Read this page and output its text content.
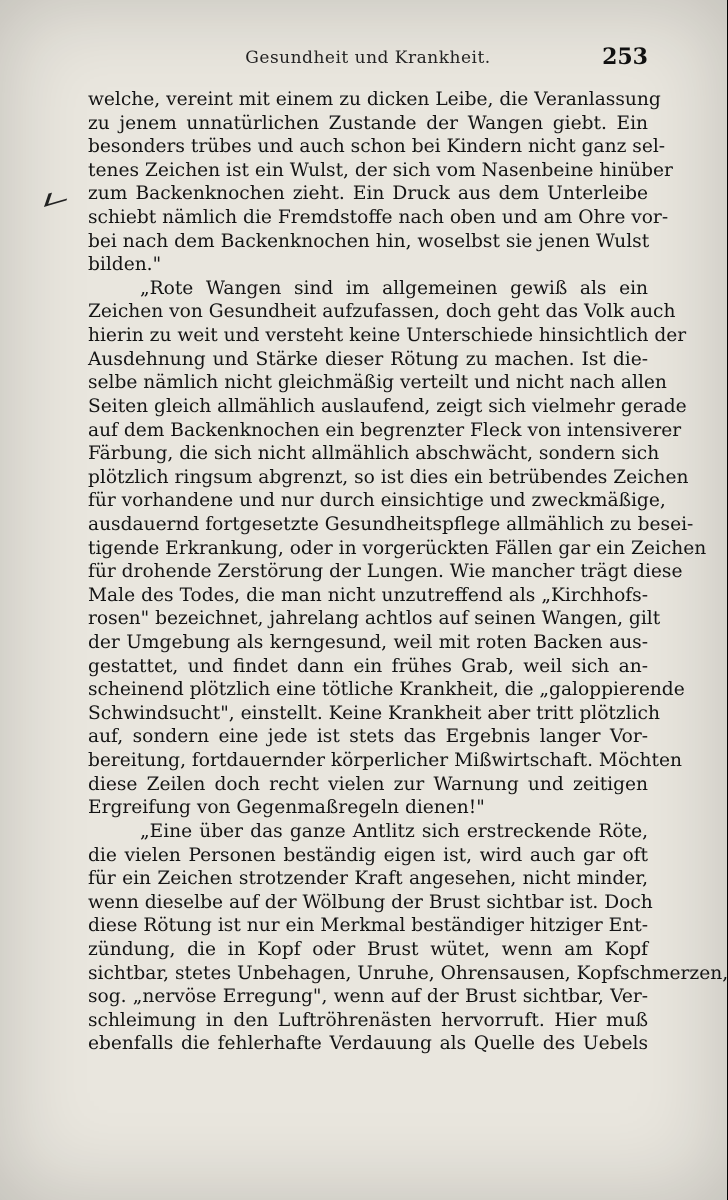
Gesundheit und Krankheit.	253
welche, vereint mit einem zu dicken Leibe, die Veranlassung
zu jenem unnatürlichen Zustande der Wangen giebt. Ein
besonders trübes und auch schon bei Kindern nicht ganz sel-
tenes Zeichen ist ein Wulst, der sich vom Nasenbeine hinüber
zum Backenknochen zieht. Ein Druck aus dem Unterleibe
schiebt nämlich die Fremdstoffe nach oben und am Ohre vor-
bei nach dem Backenknochen hin, woselbst sie jenen Wulst
bilden."
„Rote Wangen sind im allgemeinen gewiß als ein
Zeichen von Gesundheit aufzufassen, doch geht das Volk auch
hierin zu weit und versteht keine Unterschiede hinsichtlich der
Ausdehnung und Stärke dieser Rötung zu machen. Ist die-
selbe nämlich nicht gleichmäßig verteilt und nicht nach allen
Seiten gleich allmählich auslaufend, zeigt sich vielmehr gerade
auf dem Backenknochen ein begrenzter Fleck von intensiverer
Färbung, die sich nicht allmählich abschwächt, sondern sich
plötzlich ringsum abgrenzt, so ist dies ein betrübendes Zeichen
für vorhandene und nur durch einsichtige und zweckmäßige,
ausdauernd fortgesetzte Gesundheitspflege allmählich zu besei-
tigende Erkrankung, oder in vorgerückten Fällen gar ein Zeichen
für drohende Zerstörung der Lungen. Wie mancher trägt diese
Male des Todes, die man nicht unzutreffend als „Kirchhofs-
rosen" bezeichnet, jahrelang achtlos auf seinen Wangen, gilt
der Umgebung als kerngesund, weil mit roten Backen aus-
gestattet, und findet dann ein frühes Grab, weil sich an-
scheinend plötzlich eine tötliche Krankheit, die „galoppierende
Schwindsucht", einstellt. Keine Krankheit aber tritt plötzlich
auf, sondern eine jede ist stets das Ergebnis langer Vor-
bereitung, fortdauernder körperlicher Mißwirtschaft. Möchten
diese Zeilen doch recht vielen zur Warnung und zeitigen
Ergreifung von Gegenmaßregeln dienen!"
„Eine über das ganze Antlitz sich erstreckende Röte,
die vielen Personen beständig eigen ist, wird auch gar oft
für ein Zeichen strotzender Kraft angesehen, nicht minder,
wenn dieselbe auf der Wölbung der Brust sichtbar ist. Doch
diese Rötung ist nur ein Merkmal beständiger hitziger Ent-
zündung, die in Kopf oder Brust wütet, wenn am Kopf
sichtbar, stetes Unbehagen, Unruhe, Ohrensausen, Kopfschmerzen,
sog. „nervöse Erregung", wenn auf der Brust sichtbar, Ver-
schleimung in den Luftröhrenästen hervorruft. Hier muß
ebenfalls die fehlerhafte Verdauung als Quelle des Uebels
